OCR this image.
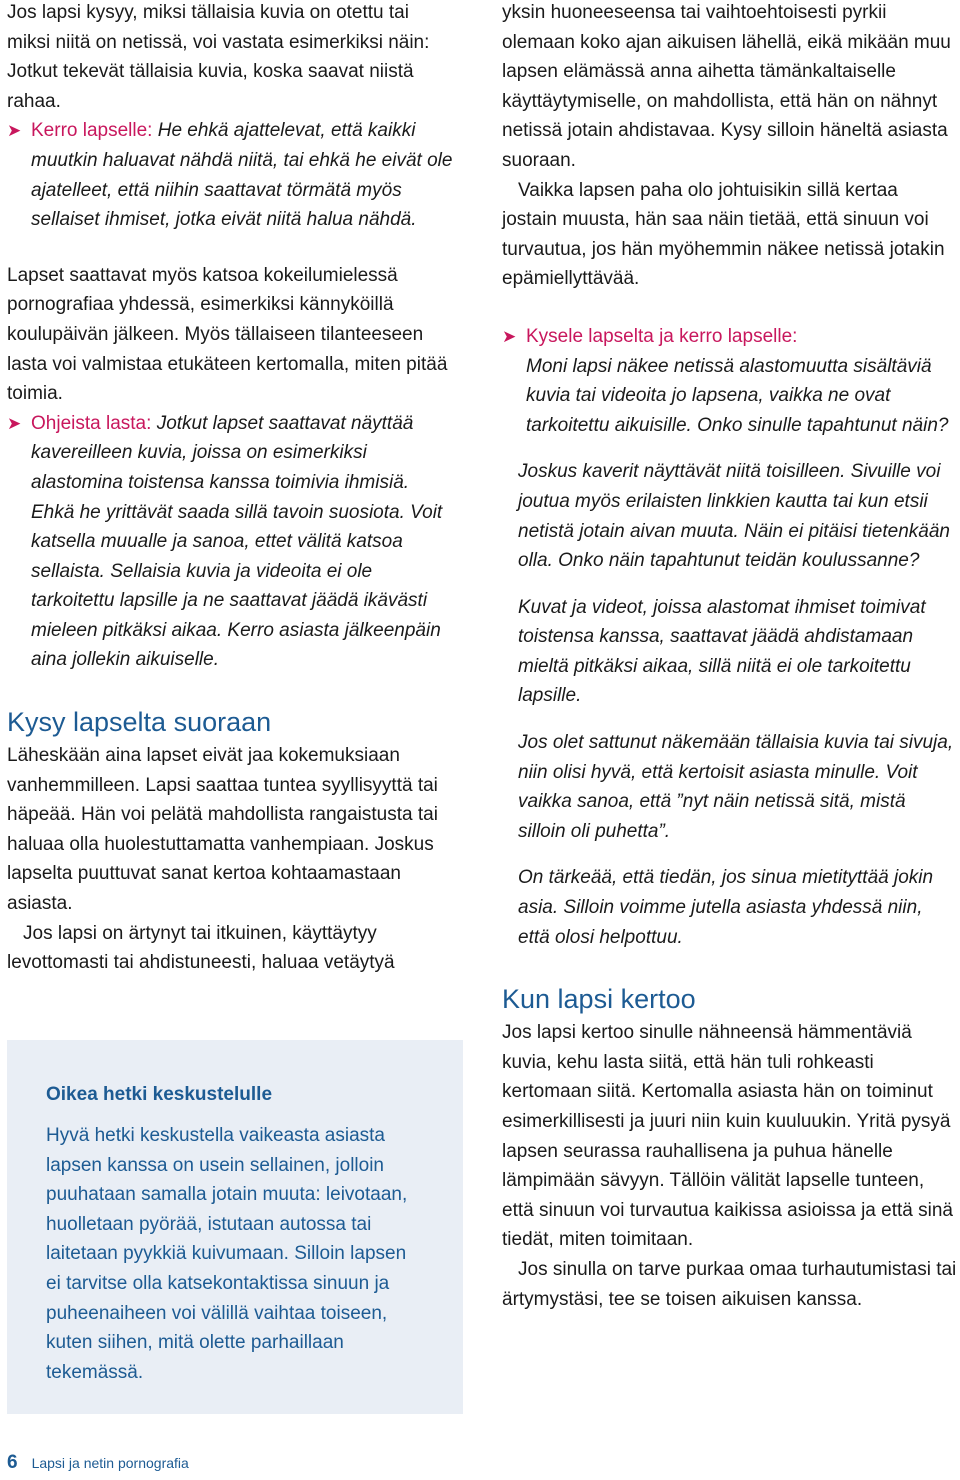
Jos lapsi kysyy, miksi tällaisia kuvia on otettu tai miksi niitä on netissä, voi vastata esimerkiksi näin: Jotkut tekevät tällaisia kuvia, koska saavat niistä rahaa.

➤ Kerro lapselle: He ehkä ajattelevat, että kaikki muutkin haluavat nähdä niitä, tai ehkä he eivät ole ajatelleet, että niihin saattavat törmätä myös sellaiset ihmiset, jotka eivät niitä halua nähdä.

Lapset saattavat myös katsoa kokeilumielessä pornografiaa yhdessä, esimerkiksi kännyköillä koulupäivän jälkeen. Myös tällaiseen tilanteeseen lasta voi valmistaa etukäteen kertomalla, miten pitää toimia.

➤ Ohjeista lasta: Jotkut lapset saattavat näyttää kavereilleen kuvia, joissa on esimerkiksi alastomina toistensa kanssa toimivia ihmisiä. Ehkä he yrittävät saada sillä tavoin suosiota. Voit katsella muualle ja sanoa, ettet välitä katsoa sellaista. Sellaisia kuvia ja videoita ei ole tarkoitettu lapsille ja ne saattavat jäädä ikävästi mieleen pitkäksi aikaa. Kerro asiasta jälkeenpäin aina jollekin aikuiselle.

Kysy lapselta suoraan

Läheskään aina lapset eivät jaa kokemuksiaan vanhemmilleen. Lapsi saattaa tuntea syyllisyyttä tai häpeää. Hän voi pelätä mahdollista rangaistusta tai haluaa olla huolestuttamatta vanhempiaan. Joskus lapselta puuttuvat sanat kertoa kohtaamastaan asiasta.

Jos lapsi on ärtynyt tai itkuinen, käyttäytyy levottomasti tai ahdistuneesti, haluaa vetäytyä

Oikea hetki keskustelulle

Hyvä hetki keskustella vaikeasta asiasta lapsen kanssa on usein sellainen, jolloin puuhataan samalla jotain muuta: leivotaan, huolletaan pyörää, istutaan autossa tai laitetaan pyykkiä kuivumaan. Silloin lapsen ei tarvitse olla katsekontaktissa sinuun ja puheenaiheen voi välillä vaihtaa toiseen, kuten siihen, mitä olette parhaillaan tekemässä.

yksin huoneeseensa tai vaihtoehtoisesti pyrkii olemaan koko ajan aikuisen lähellä, eikä mikään muu lapsen elämässä anna aihetta tämänkaltaiselle käyttäytymiselle, on mahdollista, että hän on nähnyt netissä jotain ahdistavaa. Kysy silloin häneltä asiasta suoraan.

Vaikka lapsen paha olo johtuisikin sillä kertaa jostain muusta, hän saa näin tietää, että sinuun voi turvautua, jos hän myöhemmin näkee netissä jotakin epämiellyttävää.

➤ Kysele lapselta ja kerro lapselle:

Moni lapsi näkee netissä alastomuutta sisältäviä kuvia tai videoita jo lapsena, vaikka ne ovat tarkoitettu aikuisille. Onko sinulle tapahtunut näin?

Joskus kaverit näyttävät niitä toisilleen. Sivuille voi joutua myös erilaisten linkkien kautta tai kun etsii netistä jotain aivan muuta. Näin ei pitäisi tietenkään olla. Onko näin tapahtunut teidän koulussanne?

Kuvat ja videot, joissa alastomat ihmiset toimivat toistensa kanssa, saattavat jäädä ahdistamaan mieltä pitkäksi aikaa, sillä niitä ei ole tarkoitettu lapsille.

Jos olet sattunut näkemään tällaisia kuvia tai sivuja, niin olisi hyvä, että kertoisit asiasta minulle. Voit vaikka sanoa, että ”nyt näin netissä sitä, mistä silloin oli puhetta”.

On tärkeää, että tiedän, jos sinua mietityttää jokin asia. Silloin voimme jutella asiasta yhdessä niin, että olosi helpottuu.

Kun lapsi kertoo

Jos lapsi kertoo sinulle nähneensä hämmentäviä kuvia, kehu lasta siitä, että hän tuli rohkeasti kertomaan siitä. Kertomalla asiasta hän on toiminut esimerkillisesti ja juuri niin kuin kuuluukin. Yritä pysyä lapsen seurassa rauhallisena ja puhua hänelle lämpimään sävyyn. Tällöin välität lapselle tunteen, että sinuun voi turvautua kaikissa asioissa ja että sinä tiedät, miten toimitaan.

Jos sinulla on tarve purkaa omaa turhautumistasi tai ärtymystäsi, tee se toisen aikuisen kanssa.

6 Lapsi ja netin pornografia
